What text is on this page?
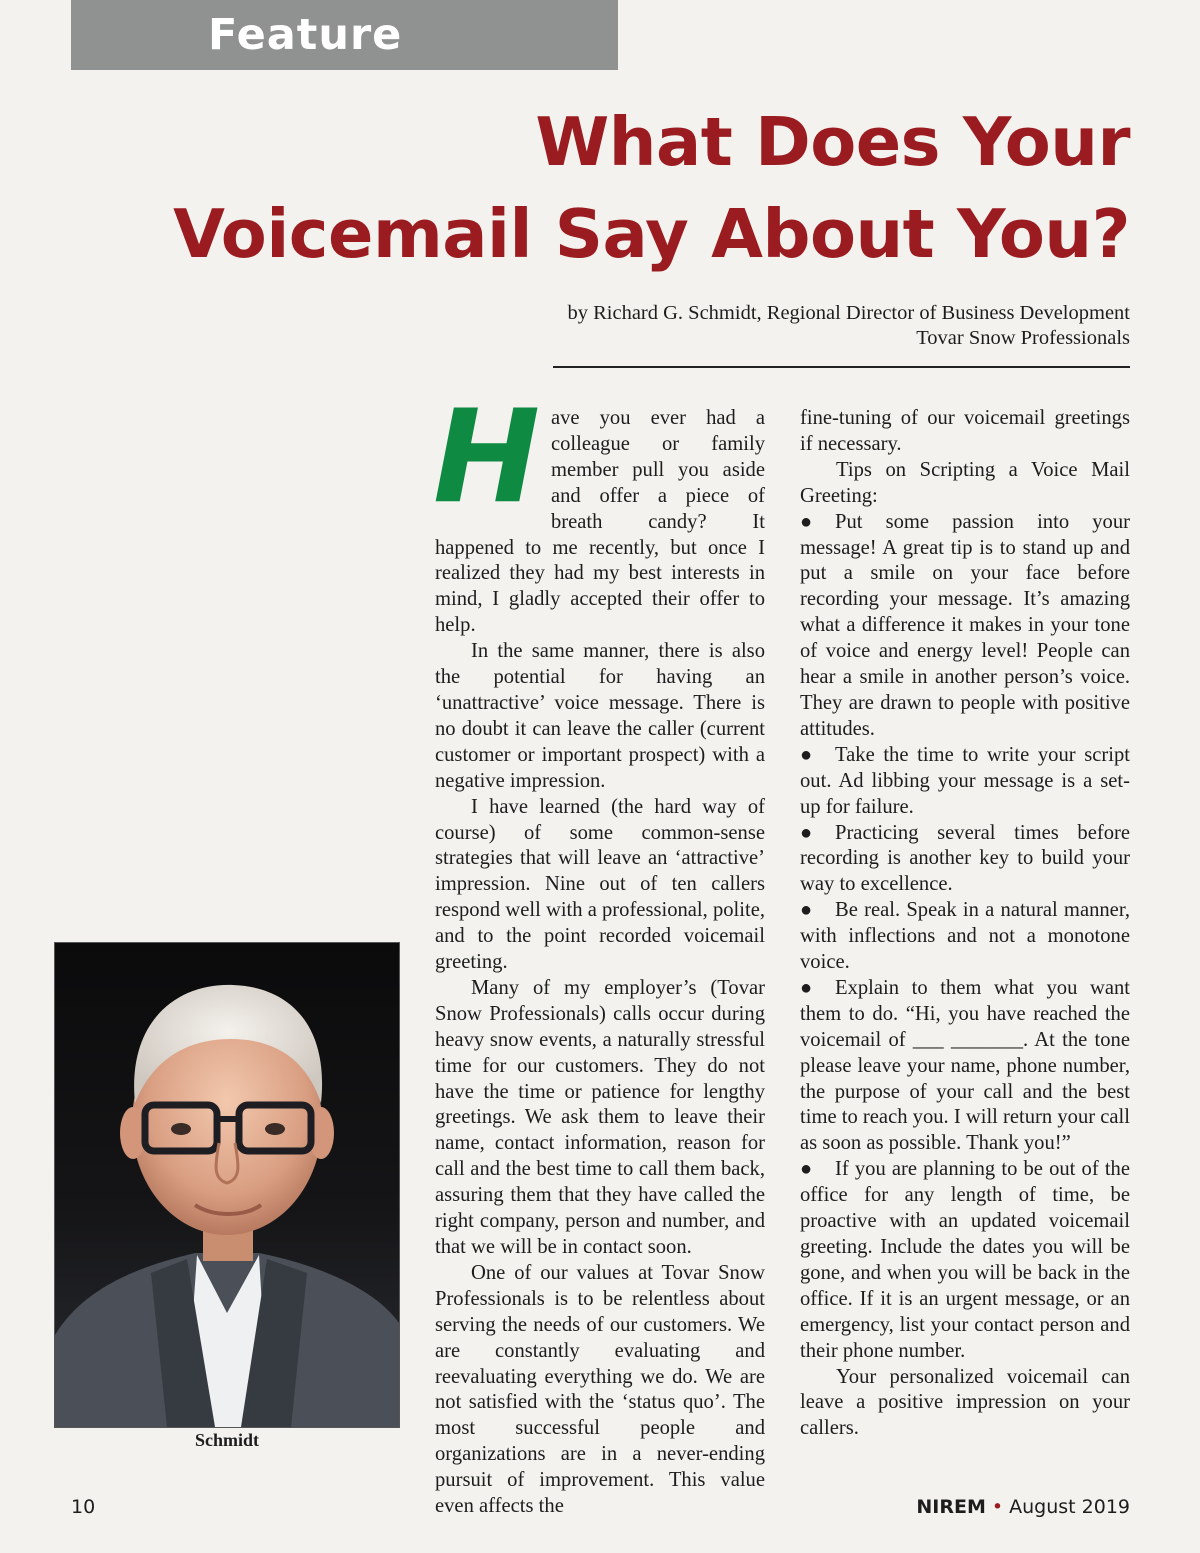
Feature
What Does Your
Voicemail Say About You?
by Richard G. Schmidt, Regional Director of Business Development
Tovar Snow Professionals

H ave you ever had a colleague or family member pull you aside and offer a piece of breath candy? It happened to me recently, but once I realized they had my best interests in mind, I gladly accepted their offer to help.

In the same manner, there is also the potential for having an ‘unattractive’ voice message. There is no doubt it can leave the caller (current customer or important prospect) with a negative impression.

I have learned (the hard way of course) of some common-sense strategies that will leave an ‘attractive’ impression. Nine out of ten callers respond well with a professional, polite, and to the point recorded voicemail greeting.

Many of my employer’s (Tovar Snow Professionals) calls occur during heavy snow events, a naturally stressful time for our customers. They do not have the time or patience for lengthy greetings. We ask them to leave their name, contact information, reason for call and the best time to call them back, assuring them that they have called the right company, person and number, and that we will be in contact soon.

One of our values at Tovar Snow Professionals is to be relentless about serving the needs of our customers. We are constantly evaluating and reevaluating everything we do. We are not satisfied with the ‘status quo’. The most successful people and organizations are in a never-ending pursuit of improvement. This value even affects the

fine-tuning of our voicemail greetings if necessary.

Tips on Scripting a Voice Mail Greeting:

● Put some passion into your message! A great tip is to stand up and put a smile on your face before recording your message. It’s amazing what a difference it makes in your tone of voice and energy level! People can hear a smile in another person’s voice. They are drawn to people with positive attitudes.

● Take the time to write your script out. Ad libbing your message is a set-up for failure.

● Practicing several times before recording is another key to build your way to excellence.

● Be real. Speak in a natural manner, with inflections and not a monotone voice.

● Explain to them what you want them to do. “Hi, you have reached the voicemail of ___ _______. At the tone please leave your name, phone number, the purpose of your call and the best time to reach you. I will return your call as soon as possible. Thank you!”

● If you are planning to be out of the office for any length of time, be proactive with an updated voicemail greeting. Include the dates you will be gone, and when you will be back in the office. If it is an urgent message, or an emergency, list your contact person and their phone number.

Your personalized voicemail can leave a positive impression on your callers.

Schmidt
10	NIREM • August 2019
